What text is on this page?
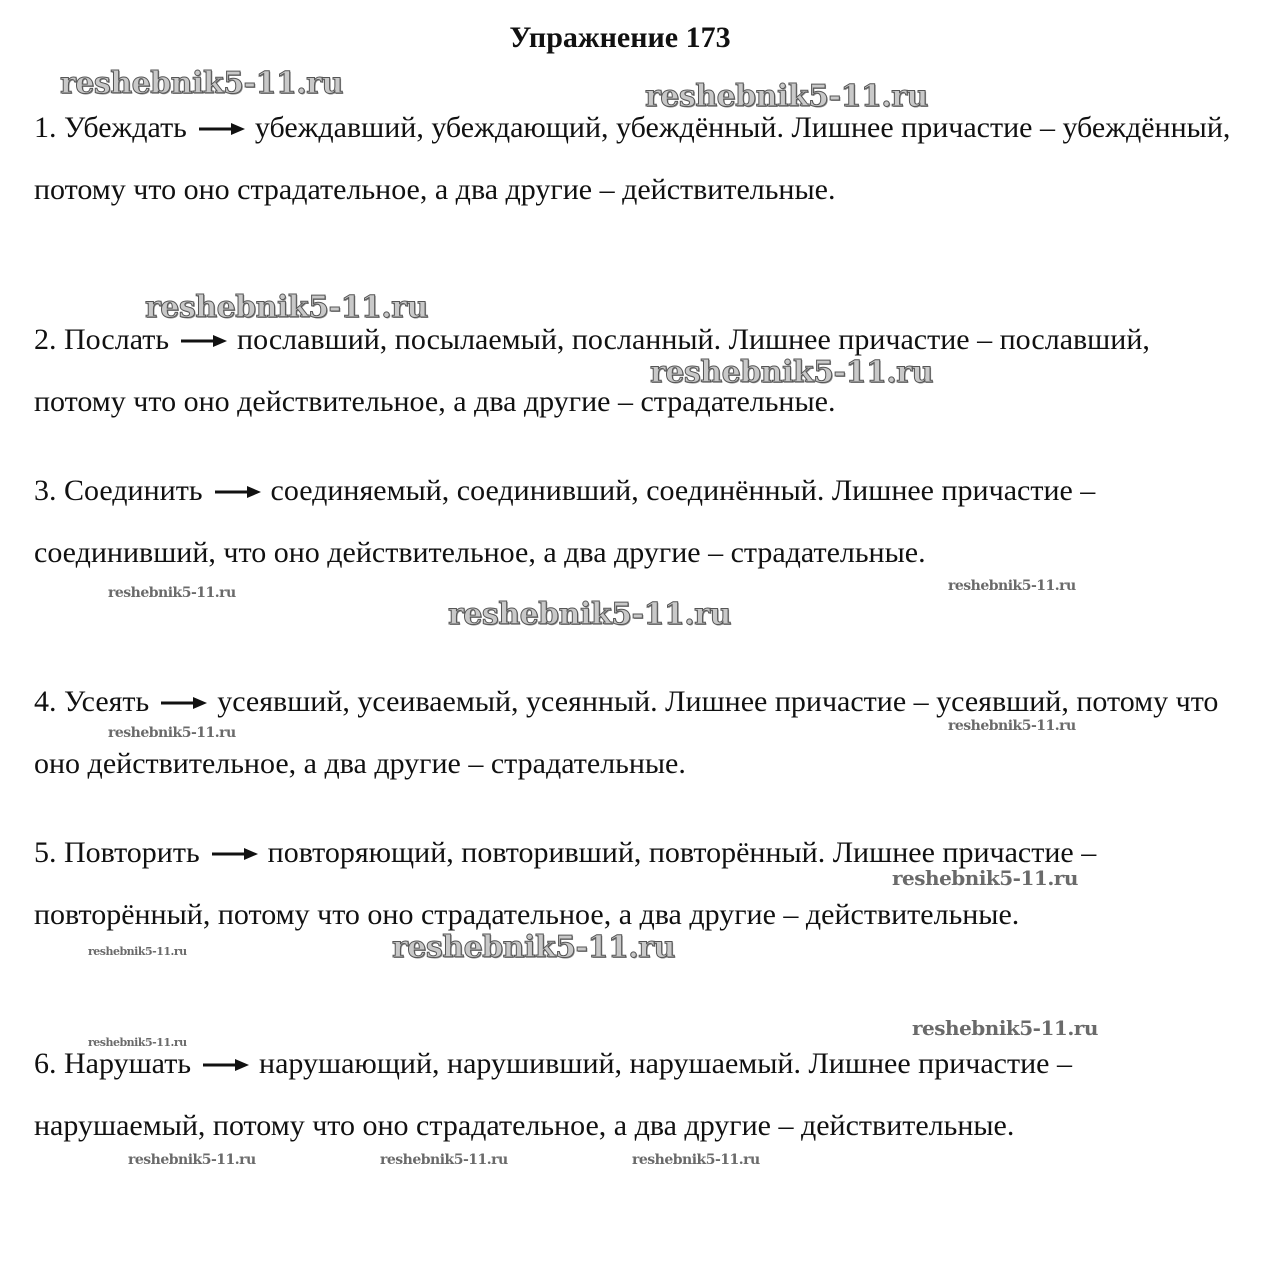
Упражнение 173

1. Убеждать убеждавший, убеждающий, убеждённый. Лишнее причастие – убеждённый, потому что оно страдательное, а два другие – действительные.

2. Послать пославший, посылаемый, посланный. Лишнее причастие – пославший, потому что оно действительное, а два другие – страдательные.

3. Соединить соединяемый, соединивший, соединённый. Лишнее причастие – соединивший, что оно действительное, а два другие – страдательные.

4. Усеять усеявший, усеиваемый, усеянный. Лишнее причастие – усеявший, потому что оно действительное, а два другие – страдательные.

5. Повторить повторяющий, повторивший, повторённый. Лишнее причастие – повторённый, потому что оно страдательное, а два другие – действительные.

6. Нарушать нарушающий, нарушивший, нарушаемый. Лишнее причастие – нарушаемый, потому что оно страдательное, а два другие – действительные.

reshebnik5-11.ru	reshebnik5-11.ru
reshebnik5-11.ru
reshebnik5-11.ru
reshebnik5-11.ru	reshebnik5-11.ru
reshebnik5-11.ru
reshebnik5-11.ru	reshebnik5-11.ru
reshebnik5-11.ru
reshebnik5-11.ru	reshebnik5-11.ru
reshebnik5-11.ru
reshebnik5-11.ru
reshebnik5-11.ru	reshebnik5-11.ru	reshebnik5-11.ru
